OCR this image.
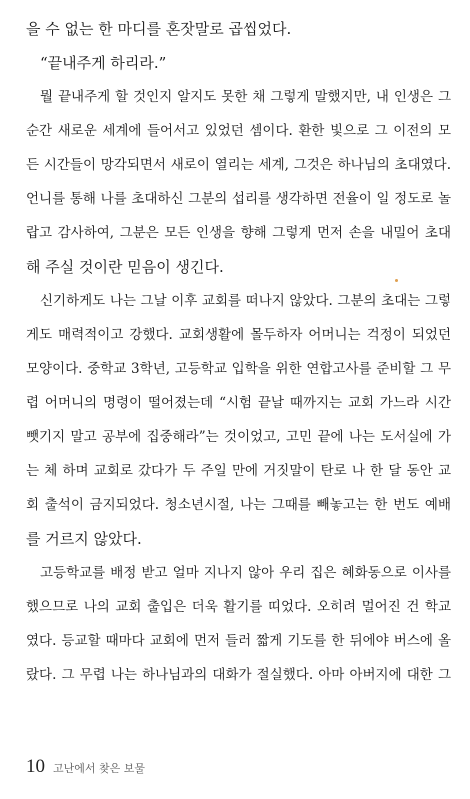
을 수 없는 한 마디를 혼잣말로 곱씹었다.
“끝내주게 하리라.”
뭘 끝내주게 할 것인지 알지도 못한 채 그렇게 말했지만, 내 인생은 그
순간 새로운 세계에 들어서고 있었던 셈이다. 환한 빛으로 그 이전의 모
든 시간들이 망각되면서 새로이 열리는 세계, 그것은 하나님의 초대였다.
언니를 통해 나를 초대하신 그분의 섭리를 생각하면 전율이 일 정도로 놀
랍고 감사하여, 그분은 모든 인생을 향해 그렇게 먼저 손을 내밀어 초대
해 주실 것이란 믿음이 생긴다.
신기하게도 나는 그날 이후 교회를 떠나지 않았다. 그분의 초대는 그렇
게도 매력적이고 강했다. 교회생활에 몰두하자 어머니는 걱정이 되었던
모양이다. 중학교 3학년, 고등학교 입학을 위한 연합고사를 준비할 그 무
렵 어머니의 명령이 떨어졌는데 “시험 끝날 때까지는 교회 가느라 시간
뺏기지 말고 공부에 집중해라”는 것이었고, 고민 끝에 나는 도서실에 가
는 체 하며 교회로 갔다가 두 주일 만에 거짓말이 탄로 나 한 달 동안 교
회 출석이 금지되었다. 청소년시절, 나는 그때를 빼놓고는 한 번도 예배
를 거르지 않았다.
고등학교를 배정 받고 얼마 지나지 않아 우리 집은 혜화동으로 이사를
했으므로 나의 교회 출입은 더욱 활기를 띠었다. 오히려 멀어진 건 학교
였다. 등교할 때마다 교회에 먼저 들러 짧게 기도를 한 뒤에야 버스에 올
랐다. 그 무렵 나는 하나님과의 대화가 절실했다. 아마 아버지에 대한 그
10 고난에서 찾은 보물
